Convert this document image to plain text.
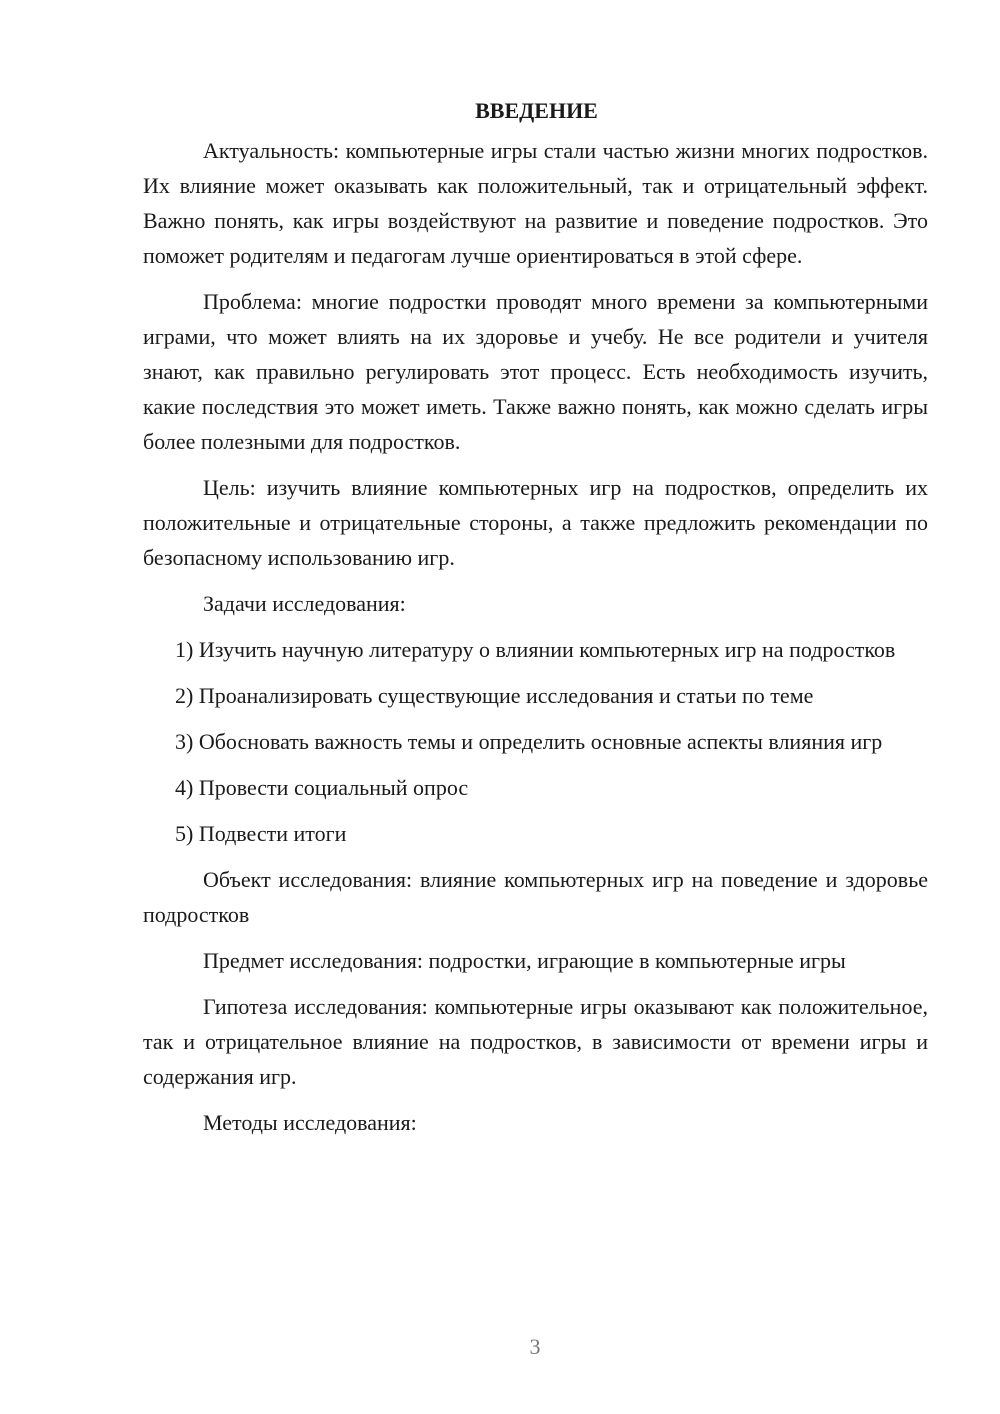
ВВЕДЕНИЕ

Актуальность: компьютерные игры стали частью жизни многих подростков. Их влияние может оказывать как положительный, так и отрицательный эффект. Важно понять, как игры воздействуют на развитие и поведение подростков. Это поможет родителям и педагогам лучше ориентироваться в этой сфере.

Проблема: многие подростки проводят много времени за компьютерными играми, что может влиять на их здоровье и учебу. Не все родители и учителя знают, как правильно регулировать этот процесс. Есть необходимость изучить, какие последствия это может иметь. Также важно понять, как можно сделать игры более полезными для подростков.

Цель: изучить влияние компьютерных игр на подростков, определить их положительные и отрицательные стороны, а также предложить рекомендации по безопасному использованию игр.

Задачи исследования:

1) Изучить научную литературу о влиянии компьютерных игр на подростков

2) Проанализировать существующие исследования и статьи по теме

3) Обосновать важность темы и определить основные аспекты влияния игр

4) Провести социальный опрос

5) Подвести итоги

Объект исследования: влияние компьютерных игр на поведение и здоровье подростков

Предмет исследования: подростки, играющие в компьютерные игры

Гипотеза исследования: компьютерные игры оказывают как положительное, так и отрицательное влияние на подростков, в зависимости от времени игры и содержания игр.

Методы исследования:

3
